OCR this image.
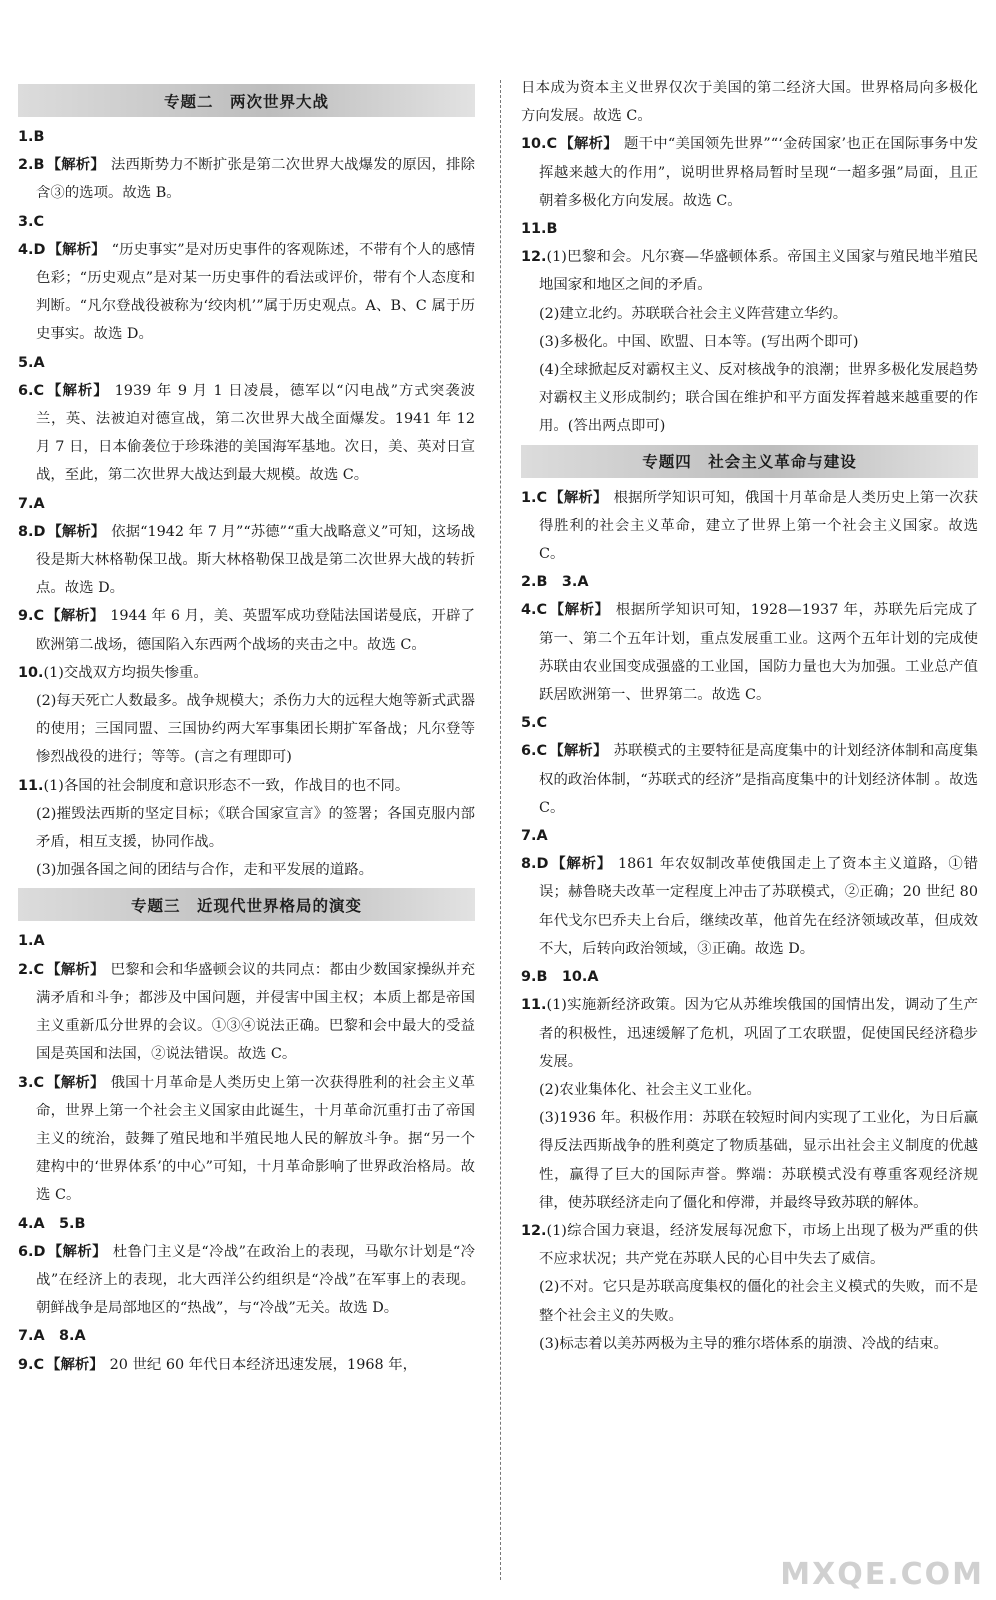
专题二　两次世界大战
1.B
2.B 【解析】 法西斯势力不断扩张是第二次世界大战爆发的原因，排除含③的选项。故选 B。
3.C
4.D 【解析】 “历史事实”是对历史事件的客观陈述，不带有个人的感情色彩；“历史观点”是对某一历史事件的看法或评价，带有个人态度和判断。“凡尔登战役被称为‘绞肉机’”属于历史观点。A、B、C 属于历史事实。故选 D。
5.A
6.C 【解析】 1939 年 9 月 1 日凌晨，德军以“闪电战”方式突袭波兰，英、法被迫对德宣战，第二次世界大战全面爆发。1941 年 12 月 7 日，日本偷袭位于珍珠港的美国海军基地。次日，美、英对日宣战，至此，第二次世界大战达到最大规模。故选 C。
7.A
8.D 【解析】 依据“1942 年 7 月”“苏德”“重大战略意义”可知，这场战役是斯大林格勒保卫战。斯大林格勒保卫战是第二次世界大战的转折点。故选 D。
9.C 【解析】 1944 年 6 月，美、英盟军成功登陆法国诺曼底，开辟了欧洲第二战场，德国陷入东西两个战场的夹击之中。故选 C。
10.(1)交战双方均损失惨重。
(2)每天死亡人数最多。战争规模大；杀伤力大的远程大炮等新式武器的使用；三国同盟、三国协约两大军事集团长期扩军备战；凡尔登等惨烈战役的进行；等等。(言之有理即可)
11.(1)各国的社会制度和意识形态不一致，作战目的也不同。
(2)摧毁法西斯的坚定目标；《联合国家宣言》的签署；各国克服内部矛盾，相互支援，协同作战。
(3)加强各国之间的团结与合作，走和平发展的道路。
专题三　近现代世界格局的演变
1.A
2.C 【解析】 巴黎和会和华盛顿会议的共同点：都由少数国家操纵并充满矛盾和斗争；都涉及中国问题，并侵害中国主权；本质上都是帝国主义重新瓜分世界的会议。①③④说法正确。巴黎和会中最大的受益国是英国和法国，②说法错误。故选 C。
3.C 【解析】 俄国十月革命是人类历史上第一次获得胜利的社会主义革命，世界上第一个社会主义国家由此诞生，十月革命沉重打击了帝国主义的统治，鼓舞了殖民地和半殖民地人民的解放斗争。据“另一个建构中的‘世界体系’的中心”可知，十月革命影响了世界政治格局。故选 C。
4.A　5.B
6.D 【解析】 杜鲁门主义是“冷战”在政治上的表现，马歇尔计划是“冷战”在经济上的表现，北大西洋公约组织是“冷战”在军事上的表现。朝鲜战争是局部地区的“热战”，与“冷战”无关。故选 D。
7.A　8.A
9.C 【解析】 20 世纪 60 年代日本经济迅速发展，1968 年，
日本成为资本主义世界仅次于美国的第二经济大国。世界格局向多极化方向发展。故选 C。
10.C 【解析】 题干中“美国领先世界”“‘金砖国家’也正在国际事务中发挥越来越大的作用”，说明世界格局暂时呈现“一超多强”局面，且正朝着多极化方向发展。故选 C。
11.B
12.(1)巴黎和会。凡尔赛—华盛顿体系。帝国主义国家与殖民地半殖民地国家和地区之间的矛盾。
(2)建立北约。苏联联合社会主义阵营建立华约。
(3)多极化。中国、欧盟、日本等。(写出两个即可)
(4)全球掀起反对霸权主义、反对核战争的浪潮；世界多极化发展趋势对霸权主义形成制约；联合国在维护和平方面发挥着越来越重要的作用。(答出两点即可)
专题四　社会主义革命与建设
1.C 【解析】 根据所学知识可知，俄国十月革命是人类历史上第一次获得胜利的社会主义革命，建立了世界上第一个社会主义国家。故选 C。
2.B　3.A
4.C 【解析】 根据所学知识可知，1928—1937 年，苏联先后完成了第一、第二个五年计划，重点发展重工业。这两个五年计划的完成使苏联由农业国变成强盛的工业国，国防力量也大为加强。工业总产值跃居欧洲第一、世界第二。故选 C。
5.C
6.C 【解析】 苏联模式的主要特征是高度集中的计划经济体制和高度集权的政治体制，“苏联式的经济”是指高度集中的计划经济体制 。故选 C。
7.A
8.D 【解析】 1861 年农奴制改革使俄国走上了资本主义道路，①错误；赫鲁晓夫改革一定程度上冲击了苏联模式，②正确；20 世纪 80 年代戈尔巴乔夫上台后，继续改革，他首先在经济领域改革，但成效不大，后转向政治领域，③正确。故选 D。
9.B　10.A
11.(1)实施新经济政策。因为它从苏维埃俄国的国情出发，调动了生产者的积极性，迅速缓解了危机，巩固了工农联盟，促使国民经济稳步发展。
(2)农业集体化、社会主义工业化。
(3)1936 年。积极作用：苏联在较短时间内实现了工业化，为日后赢得反法西斯战争的胜利奠定了物质基础，显示出社会主义制度的优越性，赢得了巨大的国际声誉。弊端：苏联模式没有尊重客观经济规律，使苏联经济走向了僵化和停滞，并最终导致苏联的解体。
12.(1)综合国力衰退，经济发展每况愈下，市场上出现了极为严重的供不应求状况；共产党在苏联人民的心目中失去了威信。
(2)不对。它只是苏联高度集权的僵化的社会主义模式的失败，而不是整个社会主义的失败。
(3)标志着以美苏两极为主导的雅尔塔体系的崩溃、冷战的结束。
MXQE.COM
